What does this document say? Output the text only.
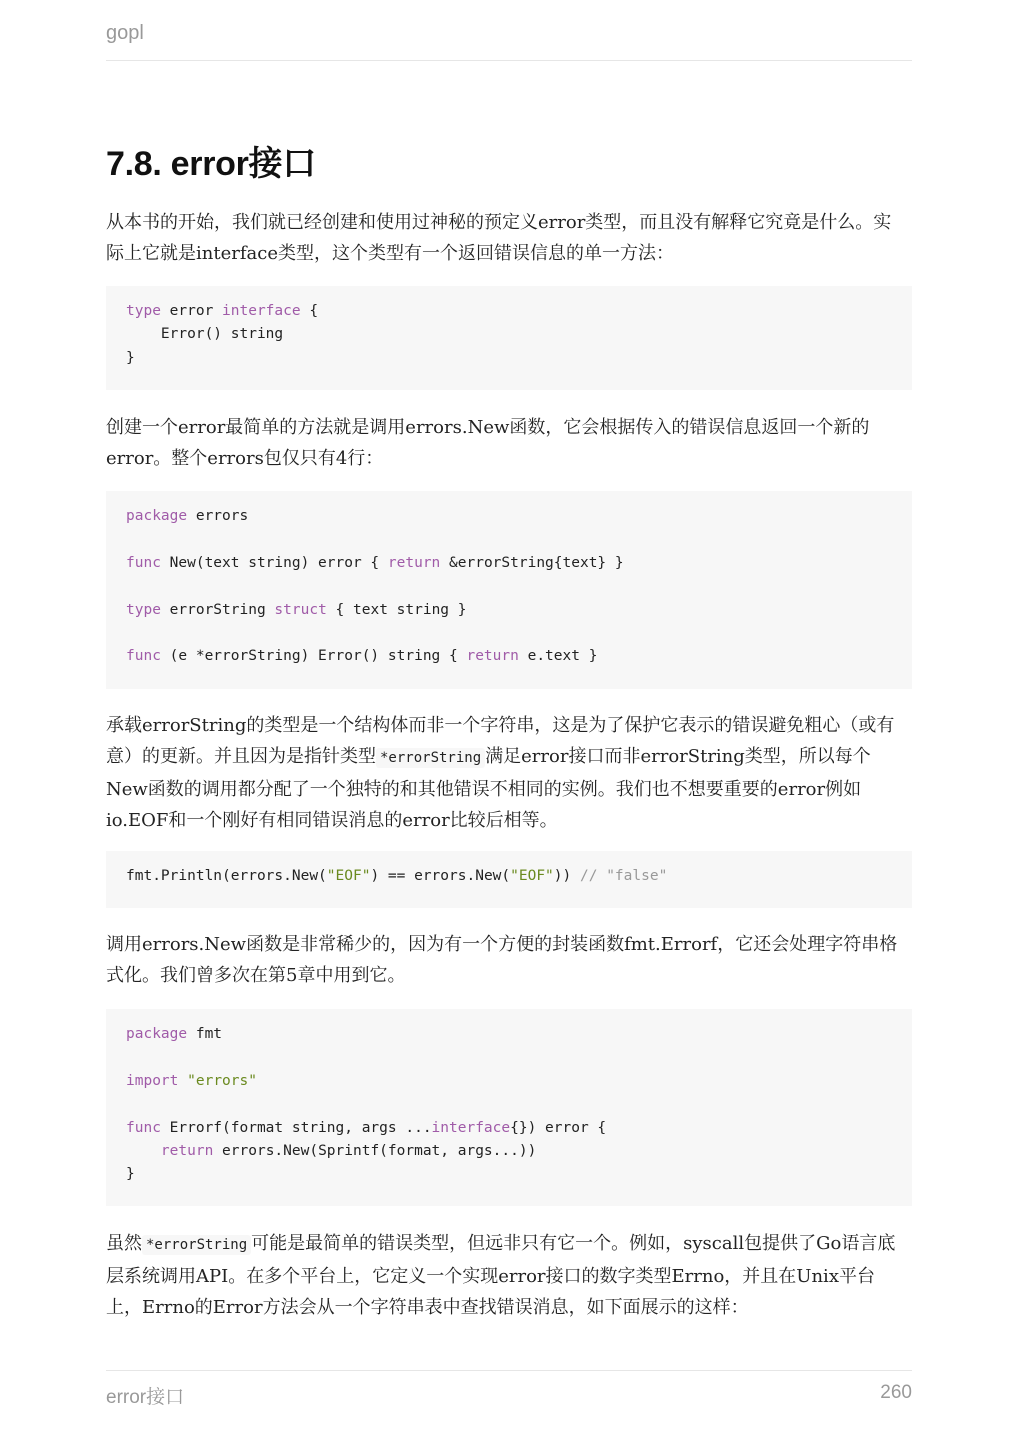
gopl
7.8. error接口

从本书的开始，我们就已经创建和使用过神秘的预定义error类型，而且没有解释它究竟是什么。实际上它就是interface类型，这个类型有一个返回错误信息的单一方法：

type error interface {
Error() string
}

创建一个error最简单的方法就是调用errors.New函数，它会根据传入的错误信息返回一个新的error。整个errors包仅只有4行：

package errors

func New(text string) error { return &errorString{text} }

type errorString struct { text string }

func (e *errorString) Error() string { return e.text }

承载errorString的类型是一个结构体而非一个字符串，这是为了保护它表示的错误避免粗心（或有意）的更新。并且因为是指针类型 *errorString 满足error接口而非errorString类型，所以每个New函数的调用都分配了一个独特的和其他错误不相同的实例。我们也不想要重要的error例如io.EOF和一个刚好有相同错误消息的error比较后相等。

fmt.Println(errors.New("EOF") == errors.New("EOF")) // "false"

调用errors.New函数是非常稀少的，因为有一个方便的封装函数fmt.Errorf，它还会处理字符串格式化。我们曾多次在第5章中用到它。

package fmt

import "errors"

func Errorf(format string, args ...interface{}) error {
return errors.New(Sprintf(format, args...))
}

虽然 *errorString 可能是最简单的错误类型，但远非只有它一个。例如，syscall包提供了Go语言底层系统调用API。在多个平台上，它定义一个实现error接口的数字类型Errno，并且在Unix平台上，Errno的Error方法会从一个字符串表中查找错误消息，如下面展示的这样：

error接口	260
